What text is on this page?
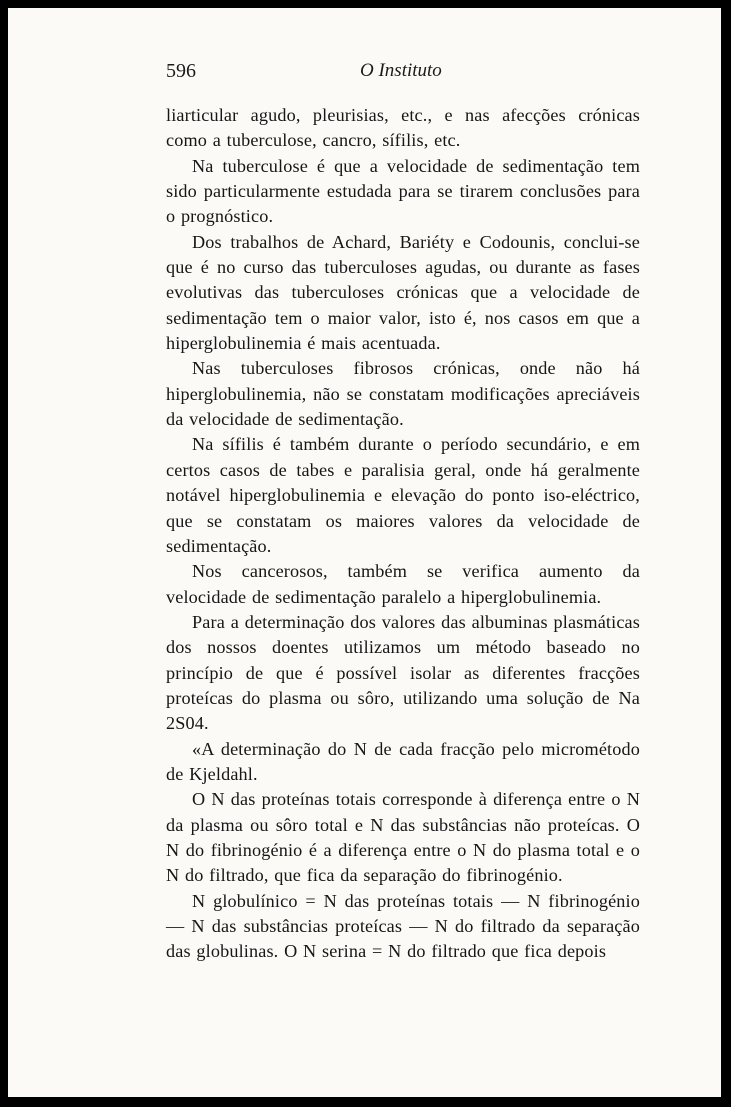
596	O Instituto

liarticular agudo, pleurisias, etc., e nas afecções crónicas como a tuberculose, cancro, sífilis, etc.

Na tuberculose é que a velocidade de sedimentação tem sido particularmente estudada para se tirarem conclusões para o prognóstico.

Dos trabalhos de Achard, Bariéty e Codounis, conclui-se que é no curso das tuberculoses agudas, ou durante as fases evolutivas das tuberculoses crónicas que a velocidade de sedimentação tem o maior valor, isto é, nos casos em que a hiperglobulinemia é mais acentuada.

Nas tuberculoses fibrosos crónicas, onde não há hiperglobulinemia, não se constatam modificações apreciáveis da velocidade de sedimentação.

Na sífilis é também durante o período secundário, e em certos casos de tabes e paralisia geral, onde há geralmente notável hiperglobulinemia e elevação do ponto iso-eléctrico, que se constatam os maiores valores da velocidade de sedimentação.

Nos cancerosos, também se verifica aumento da velocidade de sedimentação paralelo a hiperglobulinemia.

Para a determinação dos valores das albuminas plasmáticas dos nossos doentes utilizamos um método baseado no princípio de que é possível isolar as diferentes fracções proteícas do plasma ou sôro, utilizando uma solução de Na 2S04.

«A determinação do N de cada fracção pelo micrométodo de Kjeldahl.

O N das proteínas totais corresponde à diferença entre o N da plasma ou sôro total e N das substâncias não proteícas. O N do fibrinogénio é a diferença entre o N do plasma total e o N do filtrado, que fica da separação do fibrinogénio.

N globulínico = N das proteínas totais — N fibrinogénio — N das substâncias proteícas — N do filtrado da separação das globulinas. O N serina = N do filtrado que fica depois
